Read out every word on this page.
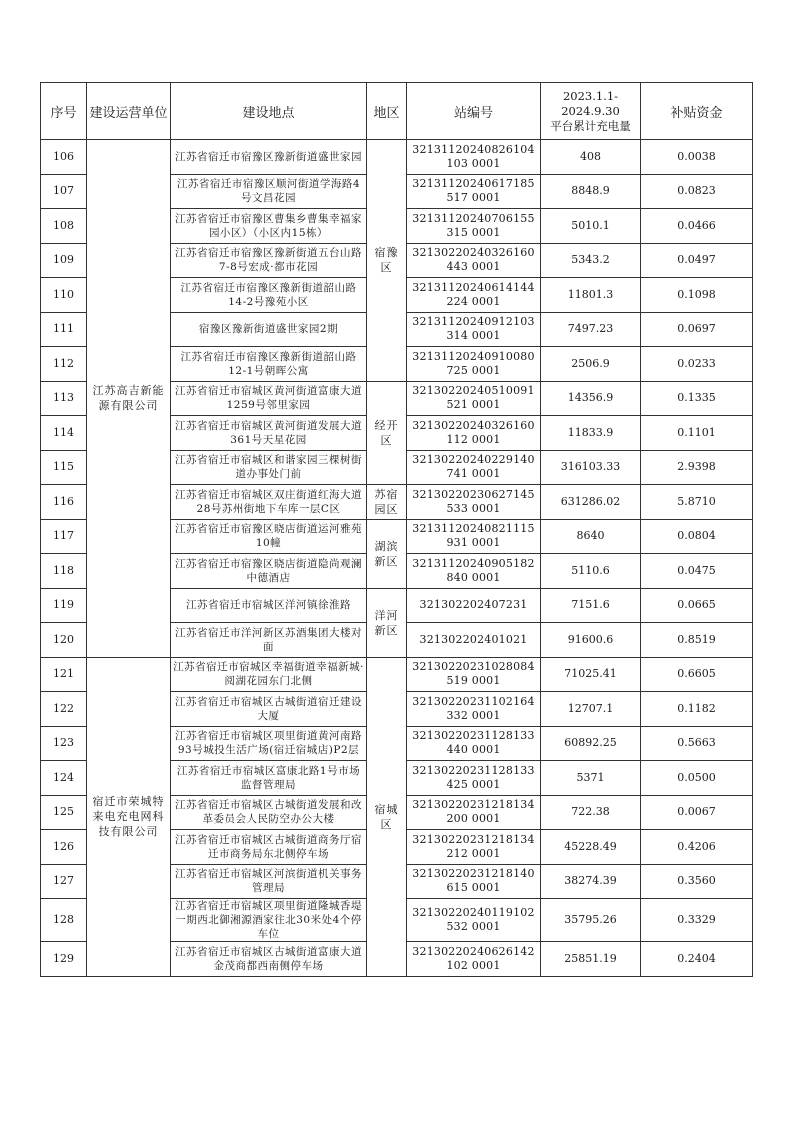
序号	建设运营单位	建设地点	地区	站编号	2023.1.1-
2024.9.30
平台累计充电量	补贴资金
106	江苏高吉新能
源有限公司	江苏省宿迁市宿豫区豫新街道盛世家园	宿豫区	32131120240826104103 0001	408	0.0038
107		江苏省宿迁市宿豫区顺河街道学海路4号文昌花园		32131120240617185517 0001	8848.9	0.0823
108		江苏省宿迁市宿豫区曹集乡曹集幸福家园小区）（小区内15栋）		32131120240706155315 0001	5010.1	0.0466
109		江苏省宿迁市宿豫区豫新街道五台山路7-8号宏成·都市花园		32130220240326160443 0001	5343.2	0.0497
110		江苏省宿迁市宿豫区豫新街道韶山路14-2号豫苑小区		32131120240614144224 0001	11801.3	0.1098
111		宿豫区豫新街道盛世家园2期		32131120240912103314 0001	7497.23	0.0697
112		江苏省宿迁市宿豫区豫新街道韶山路12-1号朝晖公寓		32131120240910080725 0001	2506.9	0.0233
113		江苏省宿迁市宿城区黄河街道富康大道1259号邻里家园	经开区	32130220240510091521 0001	14356.9	0.1335
114		江苏省宿迁市宿城区黄河街道发展大道361号天星花园		32130220240326160112 0001	11833.9	0.1101
115		江苏省宿迁市宿城区和谐家园三棵树街道办事处门前		32130220240229140741 0001	316103.33	2.9398
116		江苏省宿迁市宿城区双庄街道红海大道28号苏州街地下车库一层C区	苏宿园区	32130220230627145533 0001	631286.02	5.8710
117		江苏省宿迁市宿豫区晓店街道运河雅苑10幢	湖滨新区	32131120240821115931 0001	8640	0.0804
118		江苏省宿迁市宿豫区晓店街道隐尚观澜中德酒店		32131120240905182840 0001	5110.6	0.0475
119		江苏省宿迁市宿城区洋河镇徐淮路	洋河新区	321302202407231	7151.6	0.0665
120		江苏省宿迁市洋河新区苏酒集团大楼对面		321302202401021	91600.6	0.8519
121	宿迁市荣城特
来电充电网科
技有限公司	江苏省宿迁市宿城区幸福街道幸福新城·阅湖花园东门北侧	宿城区	32130220231028084519 0001	71025.41	0.6605
122		江苏省宿迁市宿城区古城街道宿迁建设大厦		32130220231102164332 0001	12707.1	0.1182
123		江苏省宿迁市宿城区项里街道黄河南路93号城投生活广场(宿迁宿城店)P2层		32130220231128133440 0001	60892.25	0.5663
124		江苏省宿迁市宿城区富康北路1号市场监督管理局		32130220231128133425 0001	5371	0.0500
125		江苏省宿迁市宿城区古城街道发展和改革委员会人民防空办公大楼		32130220231218134200 0001	722.38	0.0067
126		江苏省宿迁市宿城区古城街道商务厅宿迁市商务局东北侧停车场		32130220231218134212 0001	45228.49	0.4206
127		江苏省宿迁市宿城区河滨街道机关事务管理局		32130220231218140615 0001	38274.39	0.3560
128		江苏省宿迁市宿城区项里街道隆城香堤一期西北御湘源酒家往北30米处4个停车位		32130220240119102532 0001	35795.26	0.3329
129		江苏省宿迁市宿城区古城街道富康大道金茂商都西南侧停车场		32130220240626142102 0001	25851.19	0.2404
